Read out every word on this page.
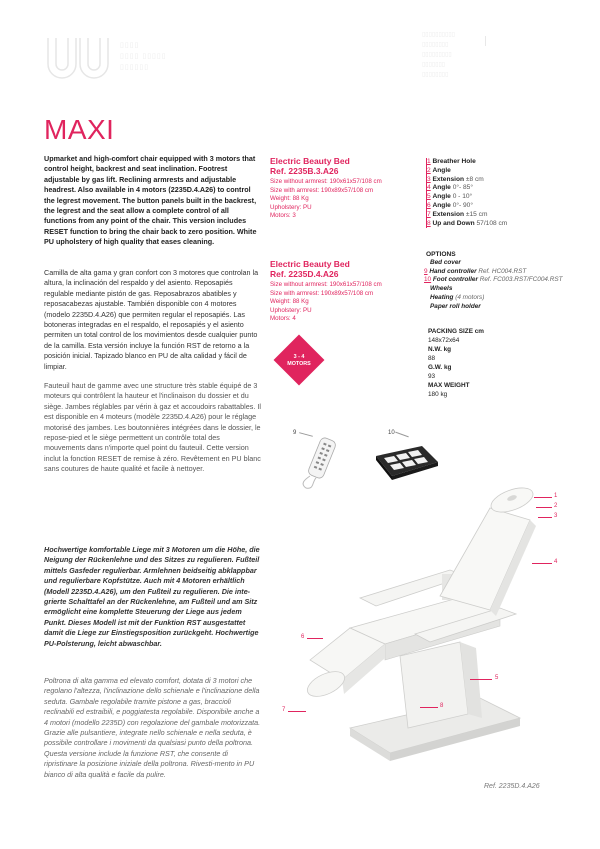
▯▯▯▯
▯▯▯▯ ▯▯▯▯▯
▯▯▯▯▯▯
▯▯▯▯▯▯▯▯▯▯
▯▯▯▯▯▯▯▯
▯▯▯▯▯▯▯▯▯
▯▯▯▯▯▯▯
▯▯▯▯▯▯▯▯
MAXI

Upmarket and high-comfort chair equipped with 3 motors that control height, backrest and seat inclination. Footrest adjustable by gas lift. Reclining armrests and adjustable headrest. Also available in 4 motors (2235D.4.A26) to control the legrest movement. The button panels built in the backrest, the legrest and the seat allow a complete control of all functions from any point of the chair. This version includes RESET function to bring the chair back to zero position. White PU upholstery of high quality that eases cleaning.

Camilla de alta gama y gran confort con 3 motores que controlan la altura, la inclinación del respaldo y del asiento. Reposapiés regulable mediante pistón de gas. Reposabrazos abatibles y reposacabezas ajustable. También disponible con 4 motores (modelo 2235D.4.A26) que permiten regular el reposapiés. Las botoneras integradas en el respaldo, el reposapiés y el asiento permiten un total control de los movimientos desde cualquier punto de la camilla. Esta versión incluye la función RST de retorno a la posición inicial. Tapizado blanco en PU de alta calidad y fácil de limpiar.

Fauteuil haut de gamme avec une structure très stable équipé de 3 moteurs qui contrôlent la hauteur et l'inclinaison du dossier et du siège. Jambes réglables par vérin à gaz et accoudoirs rabattables. Il est disponible en 4 moteurs (modèle 2235D.4.A26) pour le réglage motorisé des jambes. Les boutonnières intégrées dans le dossier, le repose-pied et le siège permettent un contrôle total des mouvements dans n'importe quel point du fauteuil. Cette version inclut la fonction RESET de remise à zéro. Revêtement en PU blanc sans coutures de haute qualité et facile à nettoyer.

Hochwertige komfortable Liege mit 3 Motoren um die Höhe, die Neigung der Rückenlehne und des Sitzes zu regulieren. Fußteil mittels Gasfeder regulierbar. Armlehnen beidseitig abklappbar und regulierbare Kopfstütze. Auch mit 4 Motoren erhältlich (Modell 2235D.4.A26), um den Fußteil zu regulieren. Die inte-grierte Schalttafel an der Rückenlehne, am Fußteil und am Sitz ermöglicht eine komplette Steuerung der Liege aus jedem Punkt. Dieses Modell ist mit der Funktion RST ausgestattet damit die Liege zur Einstiegsposition zurückgeht. Hochwertige PU-Polsterung, leicht abwaschbar.

Poltrona di alta gamma ed elevato comfort, dotata di 3 motori che regolano l'altezza, l'inclinazione dello schienale e l'inclinazione della seduta. Gambale regolabile tramite pistone a gas, braccioli reclinabili ed estraibili, e poggiatesta regolabile. Disponibile anche a 4 motori (modello 2235D) con regolazione del gambale motorizzata. Grazie alle pulsantiere, integrate nello schienale e nella seduta, è possibile controllare i movimenti da qualsiasi punto della poltrona. Questa versione include la funzione RST, che consente di ripristinare la posizione iniziale della poltrona. Rivesti-mento in PU bianco di alta qualità e facile da pulire.

Electric Beauty Bed
Ref. 2235B.3.A26
Size without armrest: 190x61x57/108 cm
Size with armrest: 190x89x57/108 cm
Weight: 88 Kg
Upholstery: PU
Motors: 3
Electric Beauty Bed
Ref. 2235D.4.A26
Size without armrest: 190x61x57/108 cm
Size with armrest: 190x89x57/108 cm
Weight: 88 Kg
Upholstery: PU
Motors: 4
1 Breather Hole
2 Angle
3 Extension ±8 cm
4 Angle 0°- 85°
5 Angle 0 - 10°
6 Angle 0°- 90°
7 Extension ±15 cm
8 Up and Down 57/108 cm
OPTIONS
Bed cover
9 Hand controller Ref. HC004.RST
10 Foot controller Ref. FC003.RST/FC004.RST
Wheels
Heating (4 motors)
Paper roll holder
PACKING SIZE cm
148x72x64
N.W. kg
88
G.W. kg
93
MAX WEIGHT
180 kg
3 - 4
MOTORS
9	10
1
2
3
4
5
6
7
8
Ref. 2235D.4.A26
